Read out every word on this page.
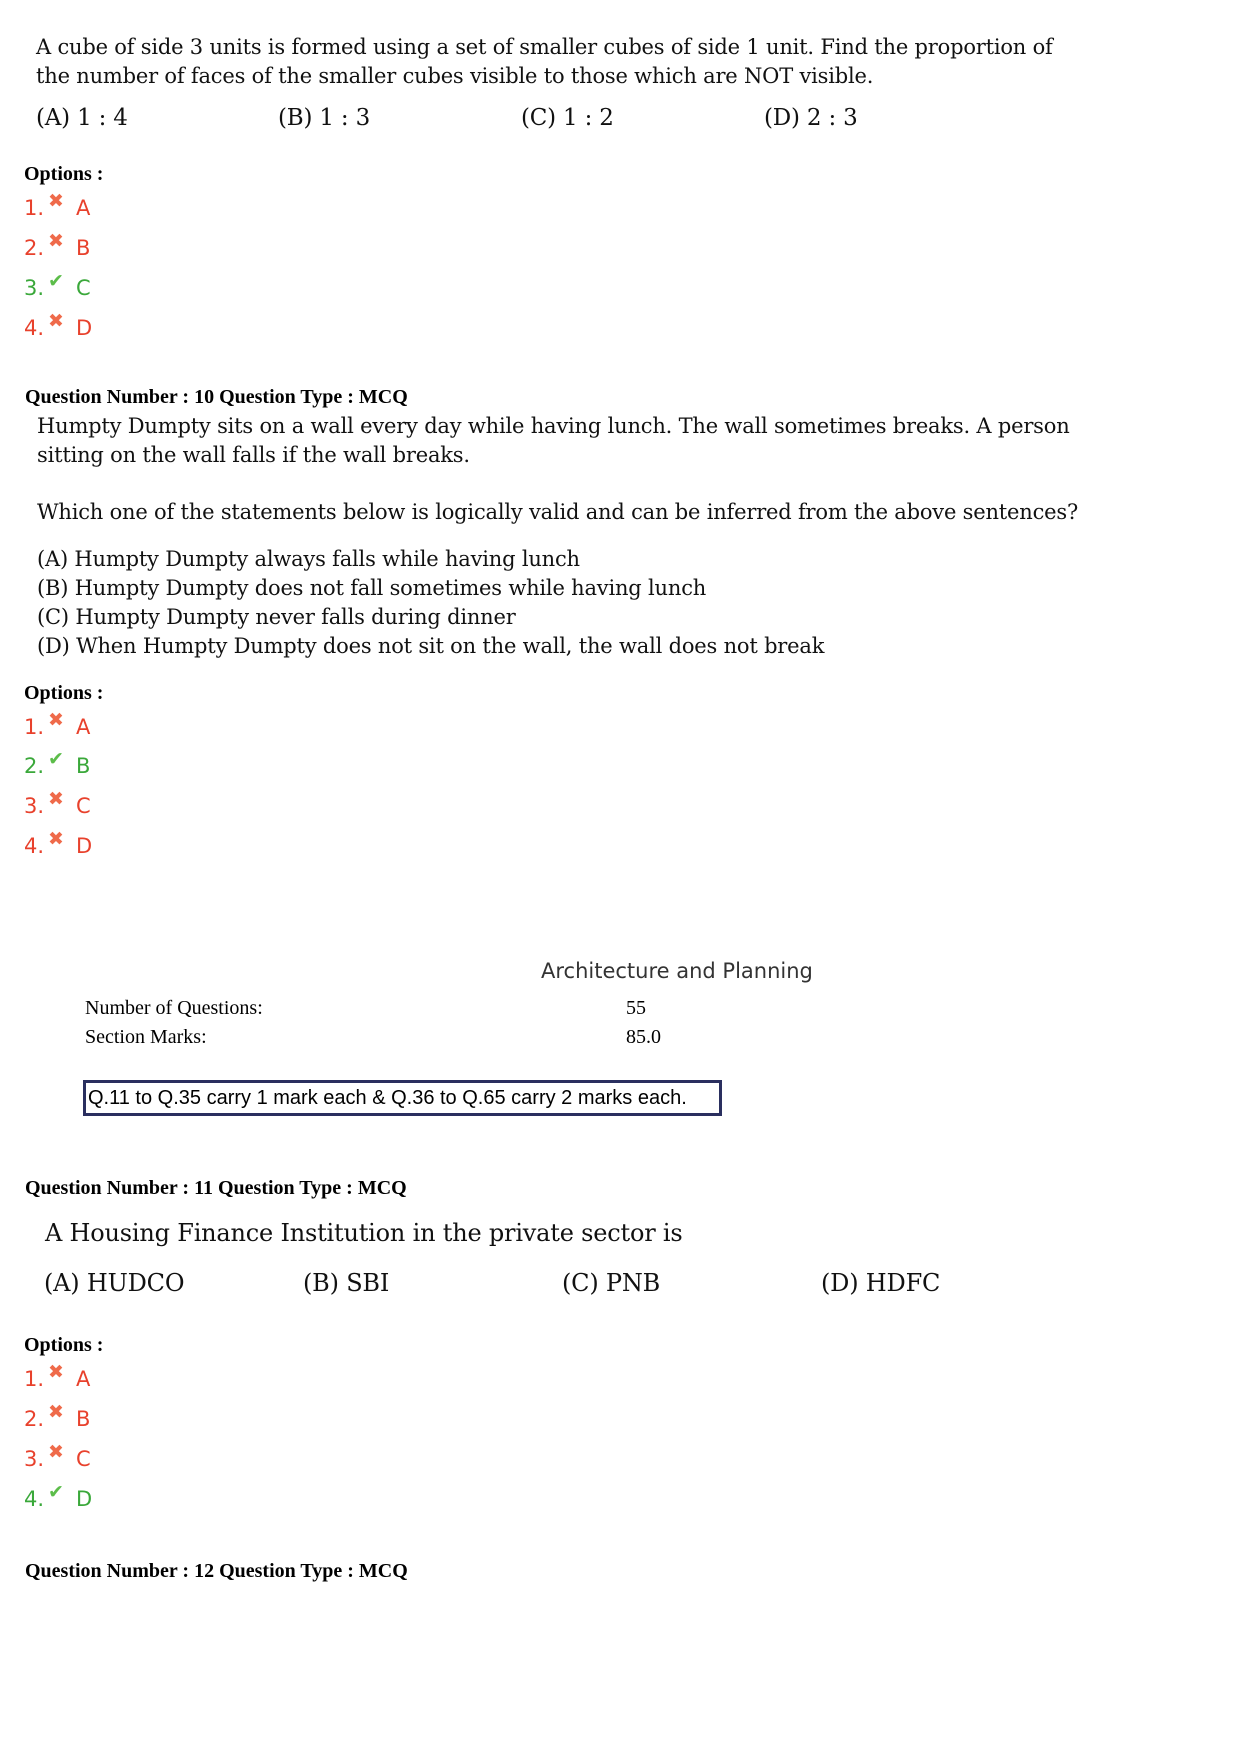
A cube of side 3 units is formed using a set of smaller cubes of side 1 unit. Find the proportion of
the number of faces of the smaller cubes visible to those which are NOT visible.
(A) 1 : 4	(B) 1 : 3	(C) 1 : 2	(D) 2 : 3
Options :
1. ✖ A
2. ✖ B
3. ✔ C
4. ✖ D
Question Number : 10 Question Type : MCQ
Humpty Dumpty sits on a wall every day while having lunch. The wall sometimes breaks. A person
sitting on the wall falls if the wall breaks.
Which one of the statements below is logically valid and can be inferred from the above sentences?
(A) Humpty Dumpty always falls while having lunch
(B) Humpty Dumpty does not fall sometimes while having lunch
(C) Humpty Dumpty never falls during dinner
(D) When Humpty Dumpty does not sit on the wall, the wall does not break
Options :
1. ✖ A
2. ✔ B
3. ✖ C
4. ✖ D
Architecture and Planning
Number of Questions:	55
Section Marks:	85.0
Q.11 to Q.35 carry 1 mark each & Q.36 to Q.65 carry 2 marks each.
Question Number : 11 Question Type : MCQ
A Housing Finance Institution in the private sector is
(A) HUDCO	(B) SBI	(C) PNB	(D) HDFC
Options :
1. ✖ A
2. ✖ B
3. ✖ C
4. ✔ D
Question Number : 12 Question Type : MCQ
